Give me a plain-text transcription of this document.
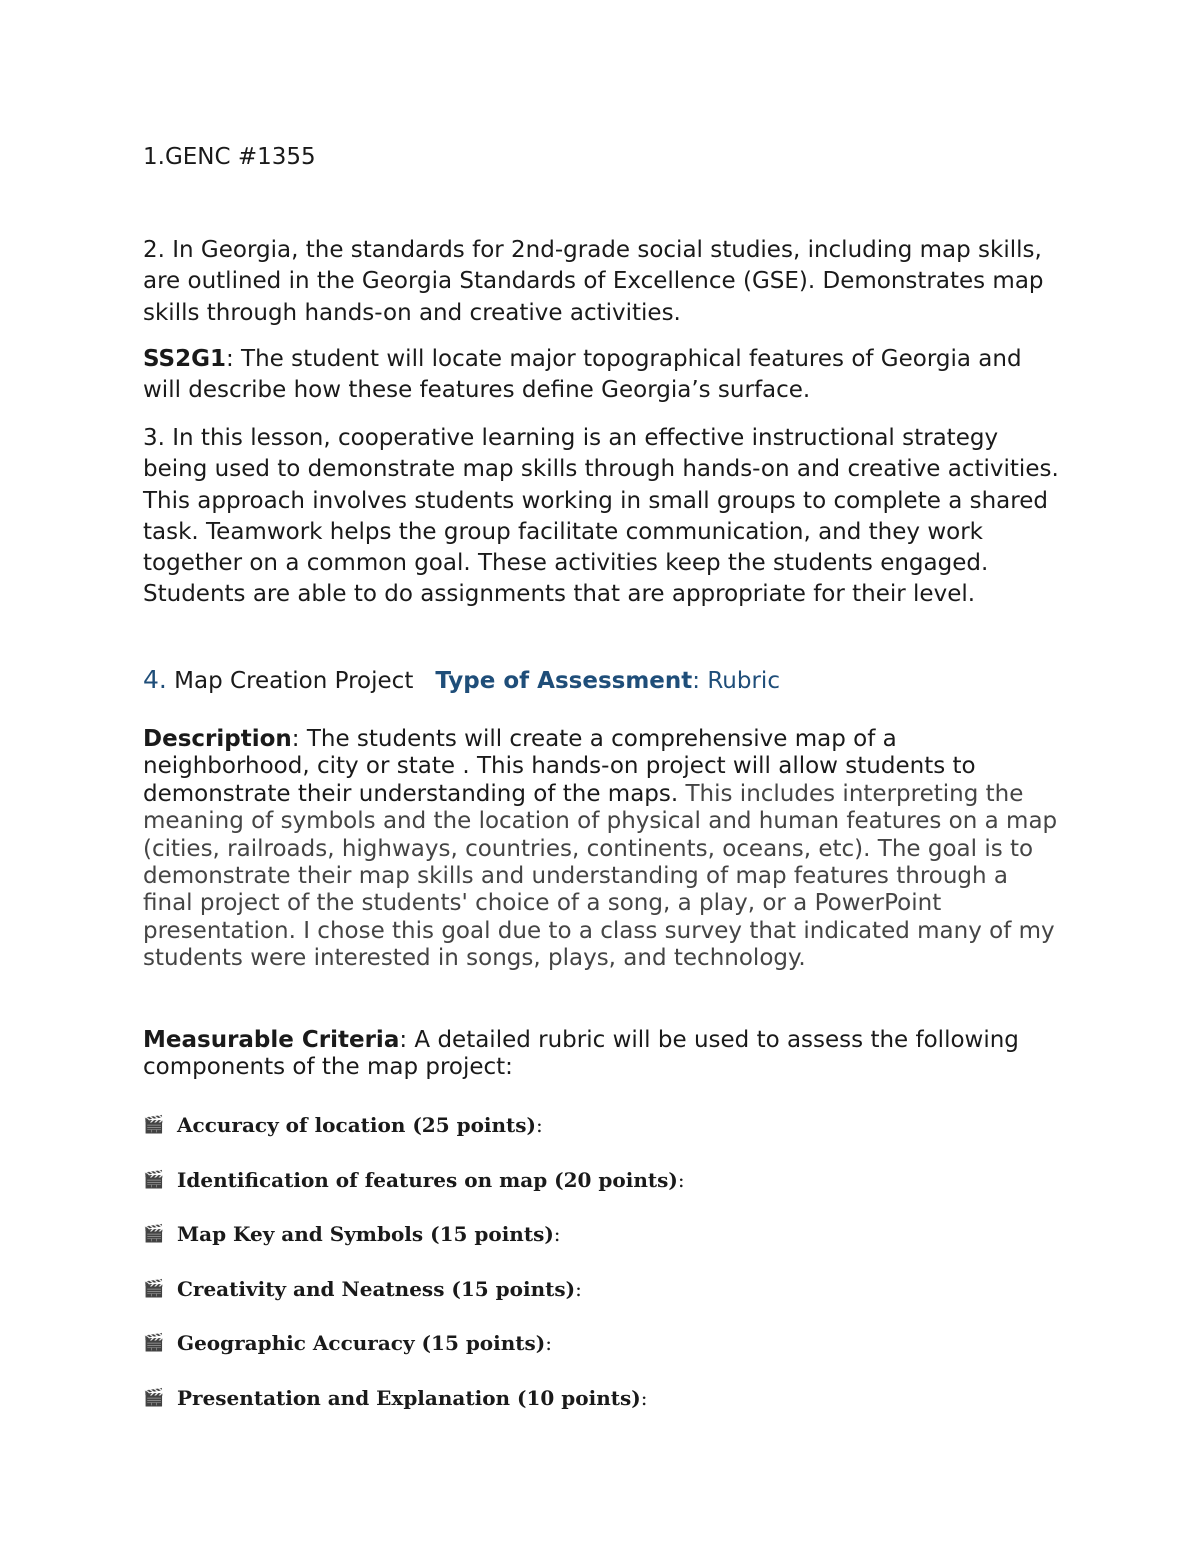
1.GENC #1355

2. In Georgia, the standards for 2nd-grade social studies, including map skills, are outlined in the Georgia Standards of Excellence (GSE). Demonstrates map skills through hands-on and creative activities.

SS2G1: The student will locate major topographical features of Georgia and will describe how these features define Georgia’s surface.

3. In this lesson, cooperative learning is an effective instructional strategy being used to demonstrate map skills through hands-on and creative activities. This approach involves students working in small groups to complete a shared task. Teamwork helps the group facilitate communication, and they work together on a common goal. These activities keep the students engaged. Students are able to do assignments that are appropriate for their level.

4. Map Creation Project Type of Assessment: Rubric

Description: The students will create a comprehensive map of a neighborhood, city or state . This hands-on project will allow students to demonstrate their understanding of the maps. This includes interpreting the meaning of symbols and the location of physical and human features on a map (cities, railroads, highways, countries, continents, oceans, etc). The goal is to demonstrate their map skills and understanding of map features through a final project of the students' choice of a song, a play, or a PowerPoint presentation. I chose this goal due to a class survey that indicated many of my students were interested in songs, plays, and technology.

Measurable Criteria: A detailed rubric will be used to assess the following components of the map project:

🎬 Accuracy of location (25 points):
🎬 Identification of features on map (20 points):
🎬 Map Key and Symbols (15 points):
🎬 Creativity and Neatness (15 points):
🎬 Geographic Accuracy (15 points):
🎬 Presentation and Explanation (10 points):
